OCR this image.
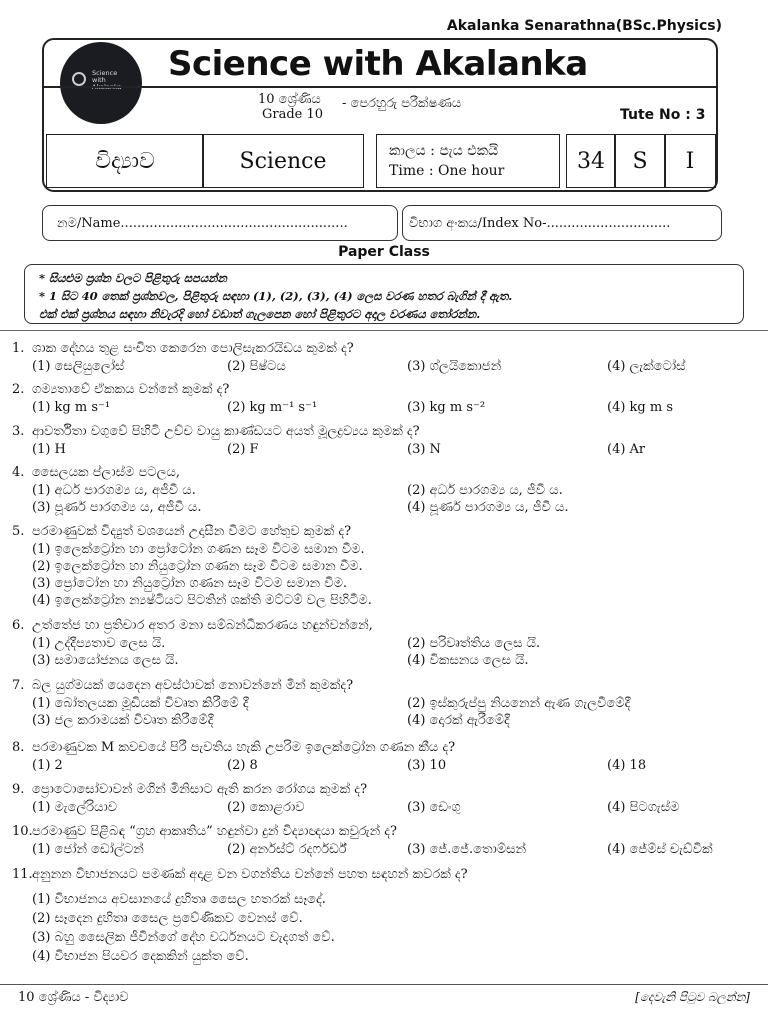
Akalanka Senarathna(BSc.Physics)
Science with Akalanka
Science with Akalanka
10 ශ්‍රේණිය
Grade 10
- පෙරහුරු පරීක්ෂණය
Tute No : 3
විද්‍යාව	Science	කාලය : පැය එකයි
Time : One hour	34	S	I
නම/Name.......................................................	විභාග අංකය/Index No-..............................
Paper Class
* සියළුම ප්‍රශ්න වලට පිළිතුරු සපයන්න
* 1 සිට 40 තෙක් ප්‍රශ්නවල, පිළිතුරු සඳහා (1), (2), (3), (4) ලෙස වරණ හතර බැගින් දී ඇත.
එක් එක් ප්‍රශ්නය සඳහා නිවැරදි හෝ වඩාත් ගැලපෙන හෝ පිළිතුරට අදාල වරණය තෝරන්න.
1. ශාක දේහය තුළ සංචිත කෙරෙන පොලිසැකරයිඩය කුමක් ද?
(1) සෙලියුලෝස්	(2) පිෂ්ටය	(3) ග්ලයිකොජන්	(4) ලැක්ටෝස්
2. ගම්‍යතාවේ ඒකකය වන්නේ කුමක් ද?
(1) kg m s⁻¹	(2) kg m⁻¹ s⁻¹	(3) kg m s⁻²	(4) kg m s
3. ආවර්තිතා වගුවේ පිහිටි උච්ච වායු කාණ්ඩයට අයත් මූලද්‍රව්‍යය කුමක් ද?
(1) H	(2) F	(3) N	(4) Ar
4. සෛලයක ප්ලාස්ම පටලය,
(1) අර්ධ පාරගම්‍ය ය, අජීවී ය.	(2) අර්ධ පාරගම්‍ය ය, ජීවී ය.
(3) පූර්ණ පාරගම්‍ය ය, අජීවී ය.	(4) පූර්ණ පාරගම්‍ය ය, ජීවී ය.
5. පරමාණුවක් විද්‍යුත් වශයෙන් උදාසීන වීමට හේතුව කුමක් ද?
(1) ඉලෙක්ට්‍රෝන හා ප්‍රෝටෝන ගණන සෑම විටම සමාන වීම.
(2) ඉලෙක්ට්‍රෝන හා නියුට්‍රෝන ගණන සෑම විටම සමාන වීම.
(3) ප්‍රෝටෝන හා නියුට්‍රෝන ගණන සෑම විටම සමාන වීම.
(4) ඉලෙක්ට්‍රෝන න්‍යෂ්ටියට පිටතින් ශක්ති මට්ටම් වල පිහිටීම.
6. උත්තේජ හා ප්‍රතිචාර අතර මනා සම්බන්ධීකරණය හඳුන්වන්නේ,
(1) උද්දීප්‍යතාව ලෙස යි.	(2) පරිවෘත්තිය ලෙස යි.
(3) සමායෝජනය ලෙස යි.	(4) විකසනය ලෙස යි.
7. බල යුග්මයක් යෙදෙන අවස්ථාවක් නොවන්නේ මින් කුමක්ද?
(1) බෝතලයක මූඩියක් විවෘත කිරීමේ දී	(2) ඉස්කුරුප්පු නියනෙන් ඇණ ගැලවීමේදී
(3) ජල කරාමයක් විවෘත කිරීමේදී	(4) දොරක් ඇරීමේදී
8. පරමාණුවක M කවචයේ පිරී පැවතිය හැකි උපරිම ඉලෙක්ට්‍රෝන ගණන කීය ද?
(1) 2	(2) 8	(3) 10	(4) 18
9. ප්‍රොටොසෝවාවන් මගින් මිනිසාට ඇති කරන රෝගය කුමක් ද?
(1) මැලේරියාව	(2) කොළරාව	(3) ඩෙංගු	(4) පිටගැස්ම
10. පරමාණුව පිළිබඳ “ග්‍රහ ආකෘතිය” හඳුන්වා දුන් විද්‍යාඥයා කවුරුන් ද?
(1) ජෝන් ඩෝල්ටන්	(2) අර්නස්ට් රදර්ෆර්ඩ්	(3) ජේ.ජේ.තොම්සන්	(4) ජේම්ස් චැඩ්වික්
11. අනුනන විභාජනයට පමණක් අදාළ වන වගන්තිය වන්නේ පහත සඳහන් කවරක් ද?
(1) විභාජනය අවසානයේ දුහිතෘ සෛල හතරක් සෑදේ.
(2) සෑදෙන දුහිතෘ සෛල ප්‍රවේණිකව වෙනස් වේ.
(3) බහු සෛලික ජීවීන්ගේ දේහ වර්ධනයට වැදගත් වේ.
(4) විභාජන පියවර දෙකකින් යුක්ත වේ.
10 ශ්‍රේණිය - විද්‍යාව	[දෙවැනි පිටුව බලන්න]
